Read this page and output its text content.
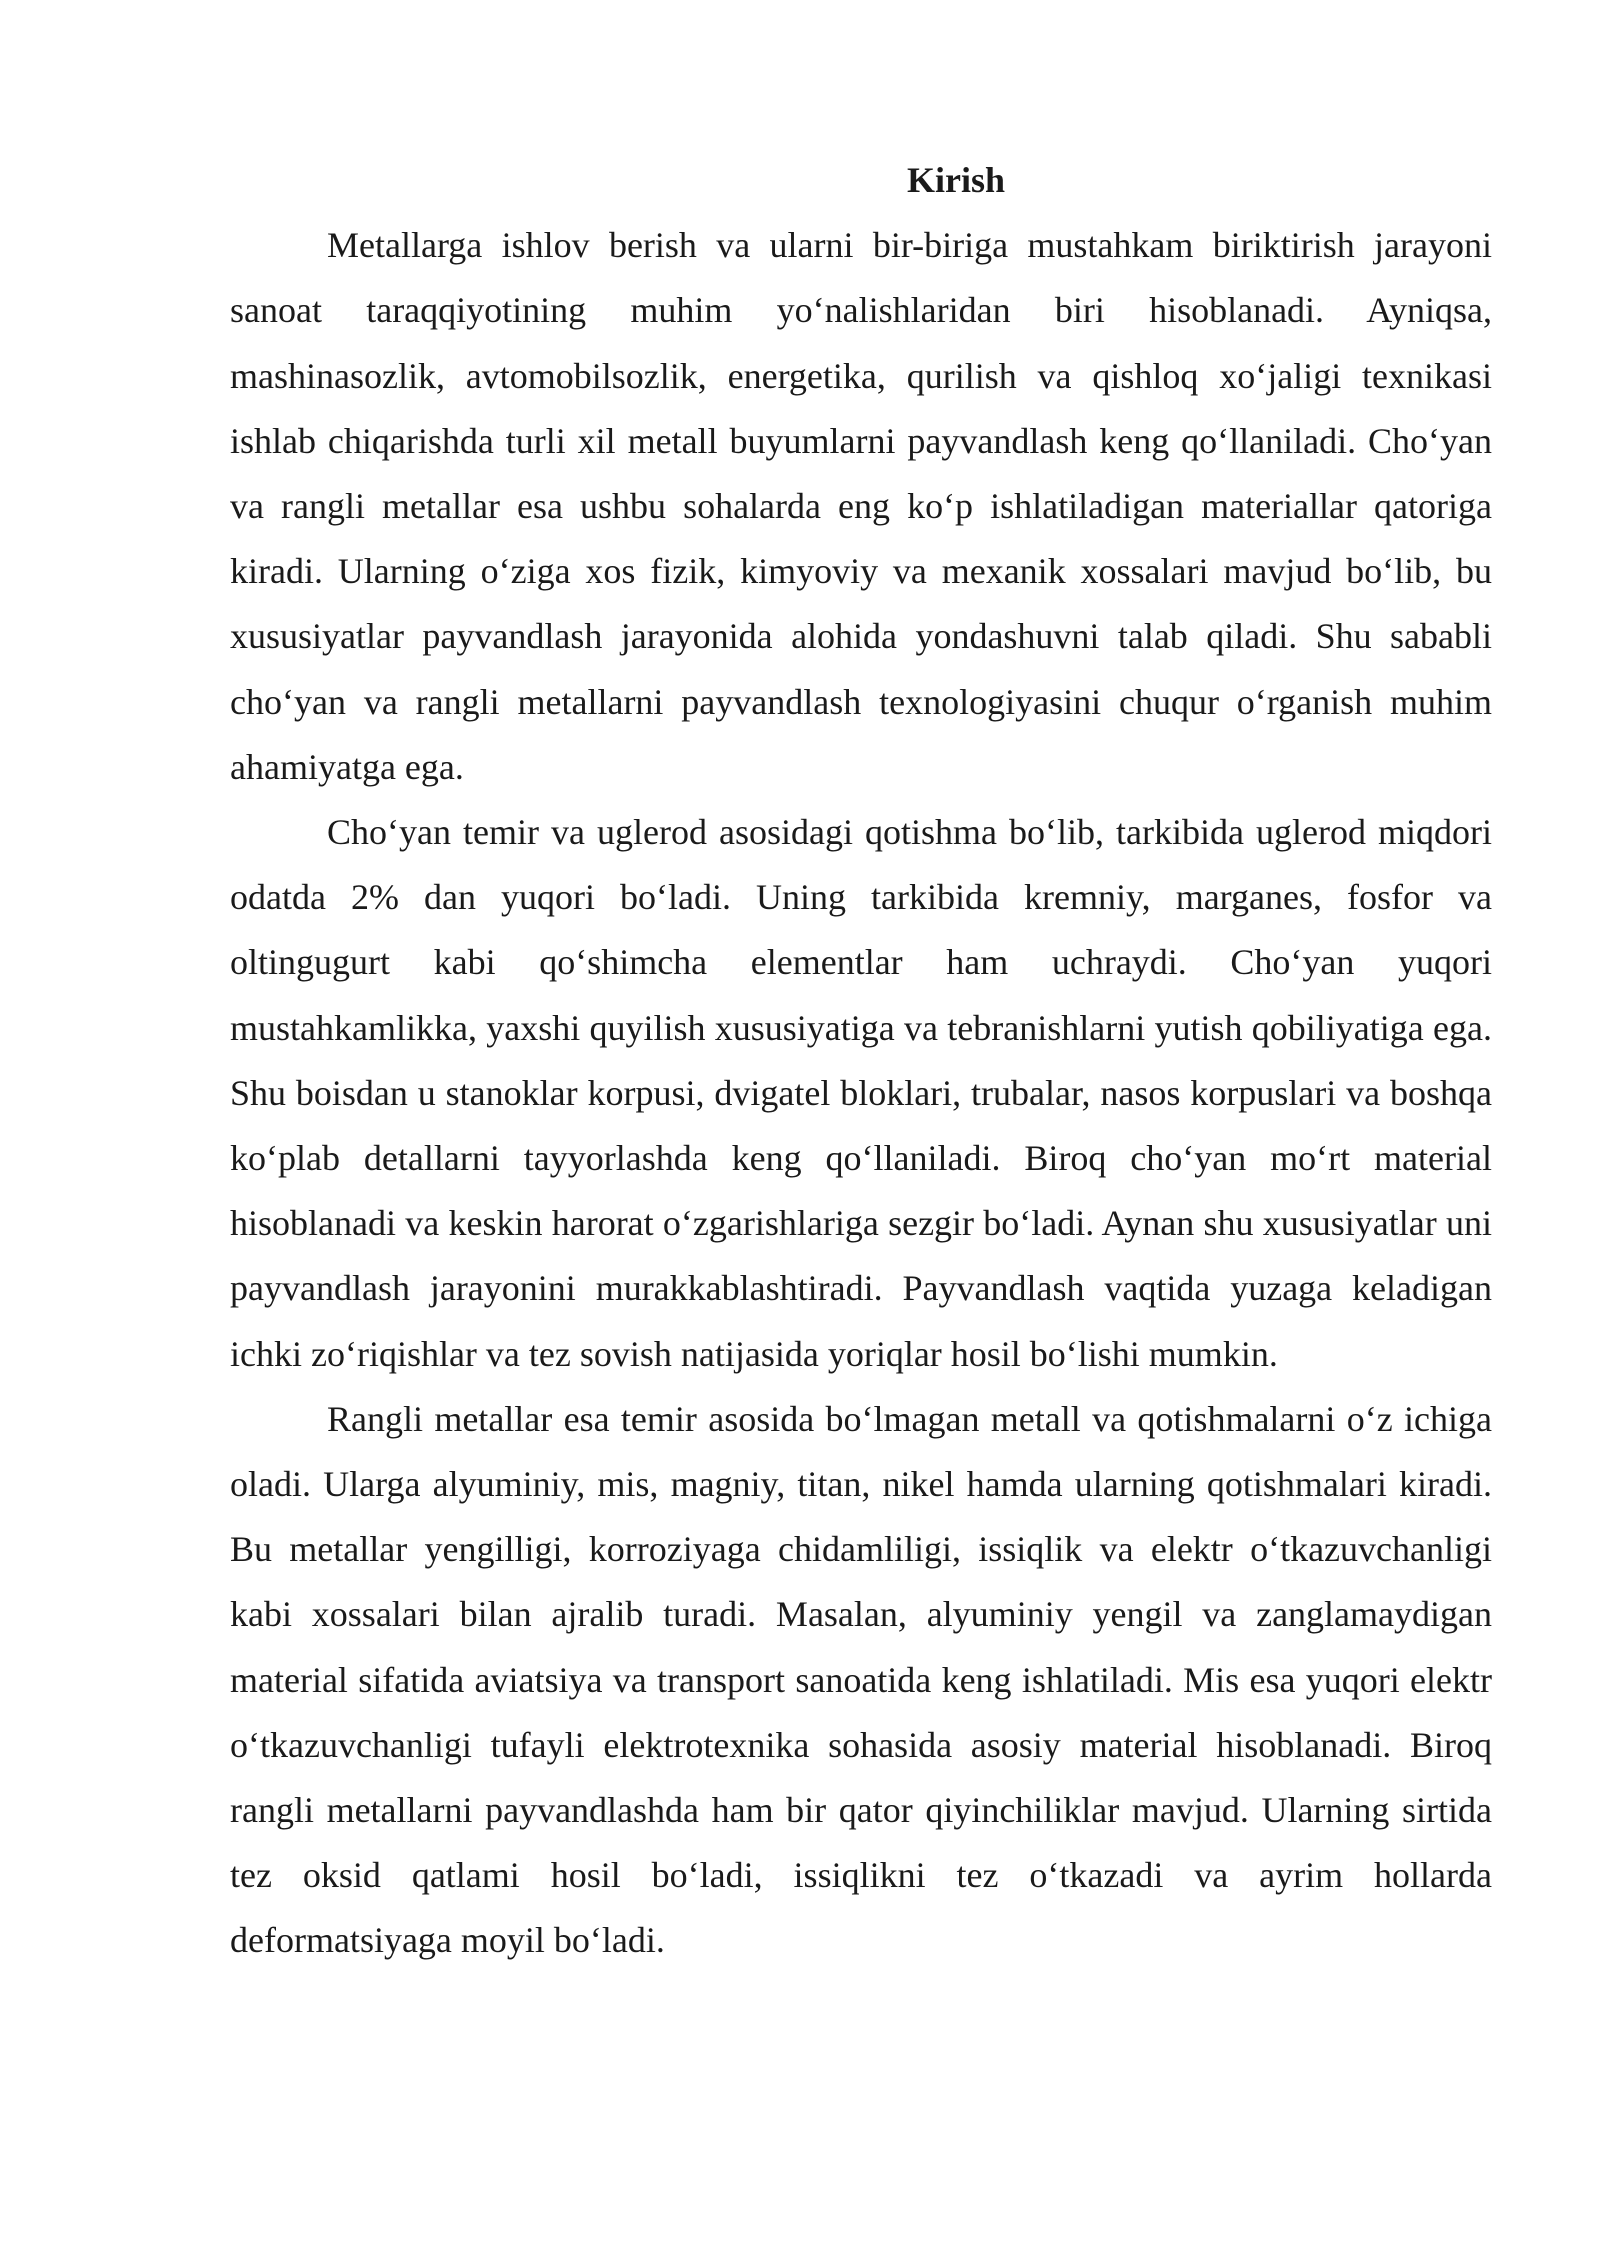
Kirish

Metallarga ishlov berish va ularni bir-biriga mustahkam biriktirish jarayoni sanoat taraqqiyotining muhim yo‘nalishlaridan biri hisoblanadi. Ayniqsa, mashinasozlik, avtomobilsozlik, energetika, qurilish va qishloq xo‘jaligi texnikasi ishlab chiqarishda turli xil metall buyumlarni payvandlash keng qo‘llaniladi. Cho‘yan va rangli metallar esa ushbu sohalarda eng ko‘p ishlatiladigan materiallar qatoriga kiradi. Ularning o‘ziga xos fizik, kimyoviy va mexanik xossalari mavjud bo‘lib, bu xususiyatlar payvandlash jarayonida alohida yondashuvni talab qiladi. Shu sababli cho‘yan va rangli metallarni payvandlash texnologiyasini chuqur o‘rganish muhim ahamiyatga ega.

Cho‘yan temir va uglerod asosidagi qotishma bo‘lib, tarkibida uglerod miqdori odatda 2% dan yuqori bo‘ladi. Uning tarkibida kremniy, marganes, fosfor va oltingugurt kabi qo‘shimcha elementlar ham uchraydi. Cho‘yan yuqori mustahkamlikka, yaxshi quyilish xususiyatiga va tebranishlarni yutish qobiliyatiga ega. Shu boisdan u stanoklar korpusi, dvigatel bloklari, trubalar, nasos korpuslari va boshqa ko‘plab detallarni tayyorlashda keng qo‘llaniladi. Biroq cho‘yan mo‘rt material hisoblanadi va keskin harorat o‘zgarishlariga sezgir bo‘ladi. Aynan shu xususiyatlar uni payvandlash jarayonini murakkablashtiradi. Payvandlash vaqtida yuzaga keladigan ichki zo‘riqishlar va tez sovish natijasida yoriqlar hosil bo‘lishi mumkin.

Rangli metallar esa temir asosida bo‘lmagan metall va qotishmalarni o‘z ichiga oladi. Ularga alyuminiy, mis, magniy, titan, nikel hamda ularning qotishmalari kiradi. Bu metallar yengilligi, korroziyaga chidamliligi, issiqlik va elektr o‘tkazuvchanligi kabi xossalari bilan ajralib turadi. Masalan, alyuminiy yengil va zanglamaydigan material sifatida aviatsiya va transport sanoatida keng ishlatiladi. Mis esa yuqori elektr o‘tkazuvchanligi tufayli elektrotexnika sohasida asosiy material hisoblanadi. Biroq rangli metallarni payvandlashda ham bir qator qiyinchiliklar mavjud. Ularning sirtida tez oksid qatlami hosil bo‘ladi, issiqlikni tez o‘tkazadi va ayrim hollarda deformatsiyaga moyil bo‘ladi.
